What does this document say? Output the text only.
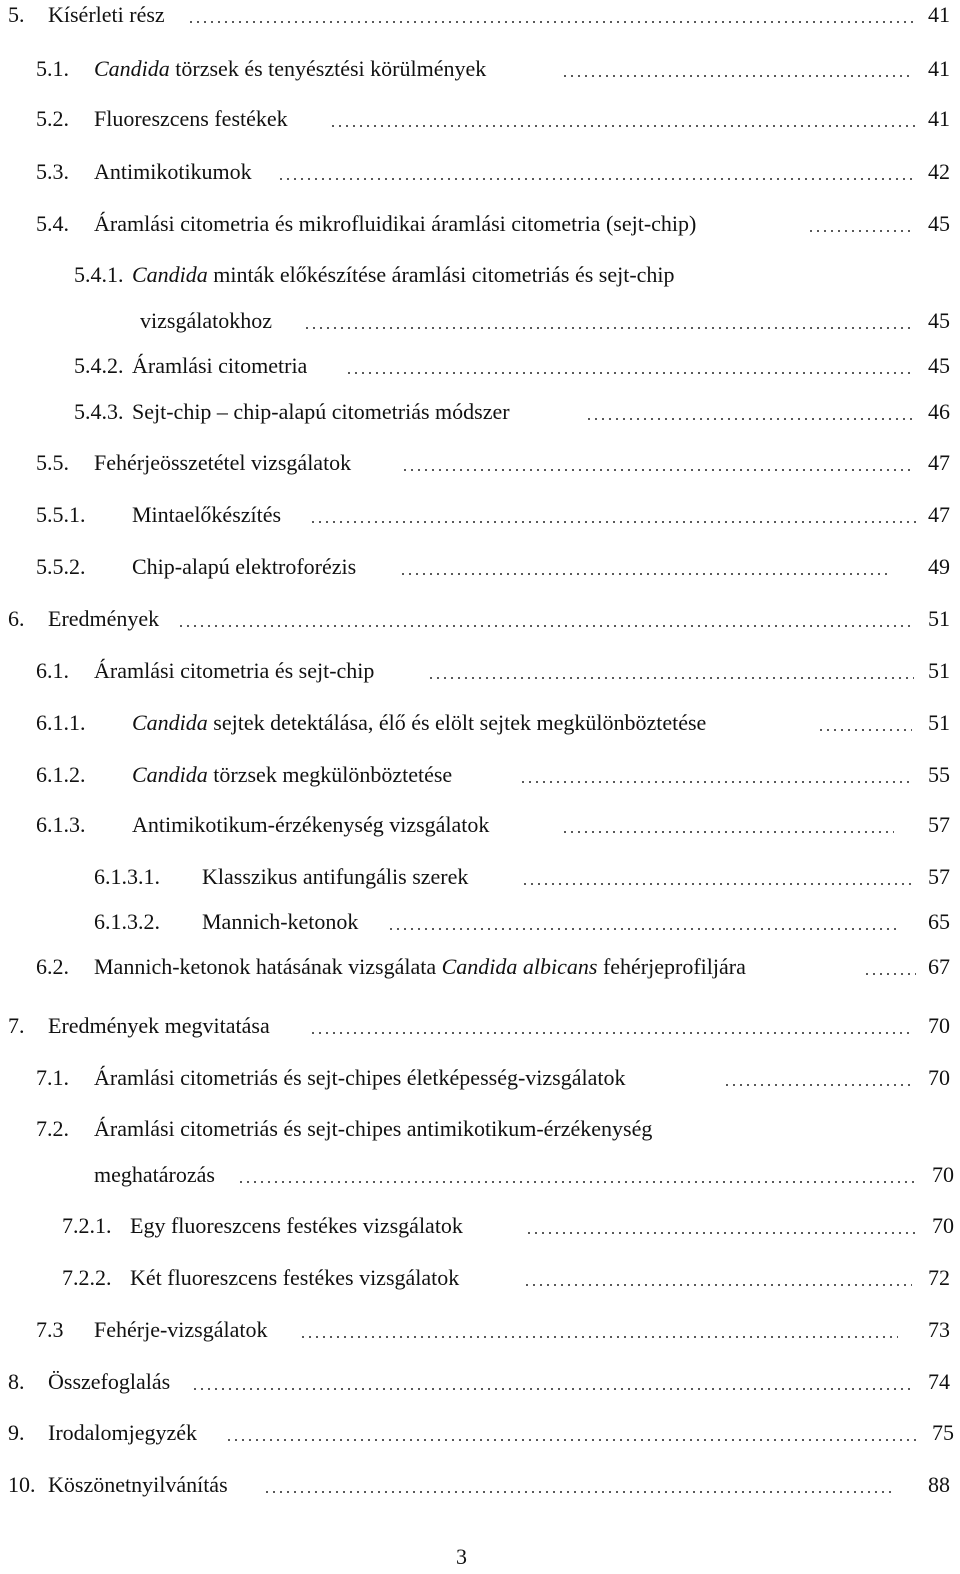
5. Kísérleti rész	41
5.1. Candida törzsek és tenyésztési körülmények	41
5.2. Fluoreszcens festékek	41
5.3. Antimikotikumok	42
5.4. Áramlási citometria és mikrofluidikai áramlási citometria (sejt-chip)	45
5.4.1. Candida minták előkészítése áramlási citometriás és sejt-chip
vizsgálatokhoz	45
5.4.2. Áramlási citometria	45
5.4.3. Sejt-chip – chip-alapú citometriás módszer	46
5.5. Fehérjeösszetétel vizsgálatok	47
5.5.1. Mintaelőkészítés	47
5.5.2. Chip-alapú elektroforézis	49
6. Eredmények	51
6.1. Áramlási citometria és sejt-chip	51
6.1.1. Candida sejtek detektálása, élő és elölt sejtek megkülönböztetése	51
6.1.2. Candida törzsek megkülönböztetése	55
6.1.3. Antimikotikum-érzékenység vizsgálatok	57
6.1.3.1. Klasszikus antifungális szerek	57
6.1.3.2. Mannich-ketonok	65
6.2. Mannich-ketonok hatásának vizsgálata Candida albicans fehérjeprofiljára	67
7. Eredmények megvitatása	70
7.1. Áramlási citometriás és sejt-chipes életképesség-vizsgálatok	70
7.2. Áramlási citometriás és sejt-chipes antimikotikum-érzékenység
meghatározás	70
7.2.1. Egy fluoreszcens festékes vizsgálatok	70
7.2.2. Két fluoreszcens festékes vizsgálatok	72
7.3 Fehérje-vizsgálatok	73
8. Összefoglalás	74
9. Irodalomjegyzék	75
10. Köszönetnyilvánítás	88
3
